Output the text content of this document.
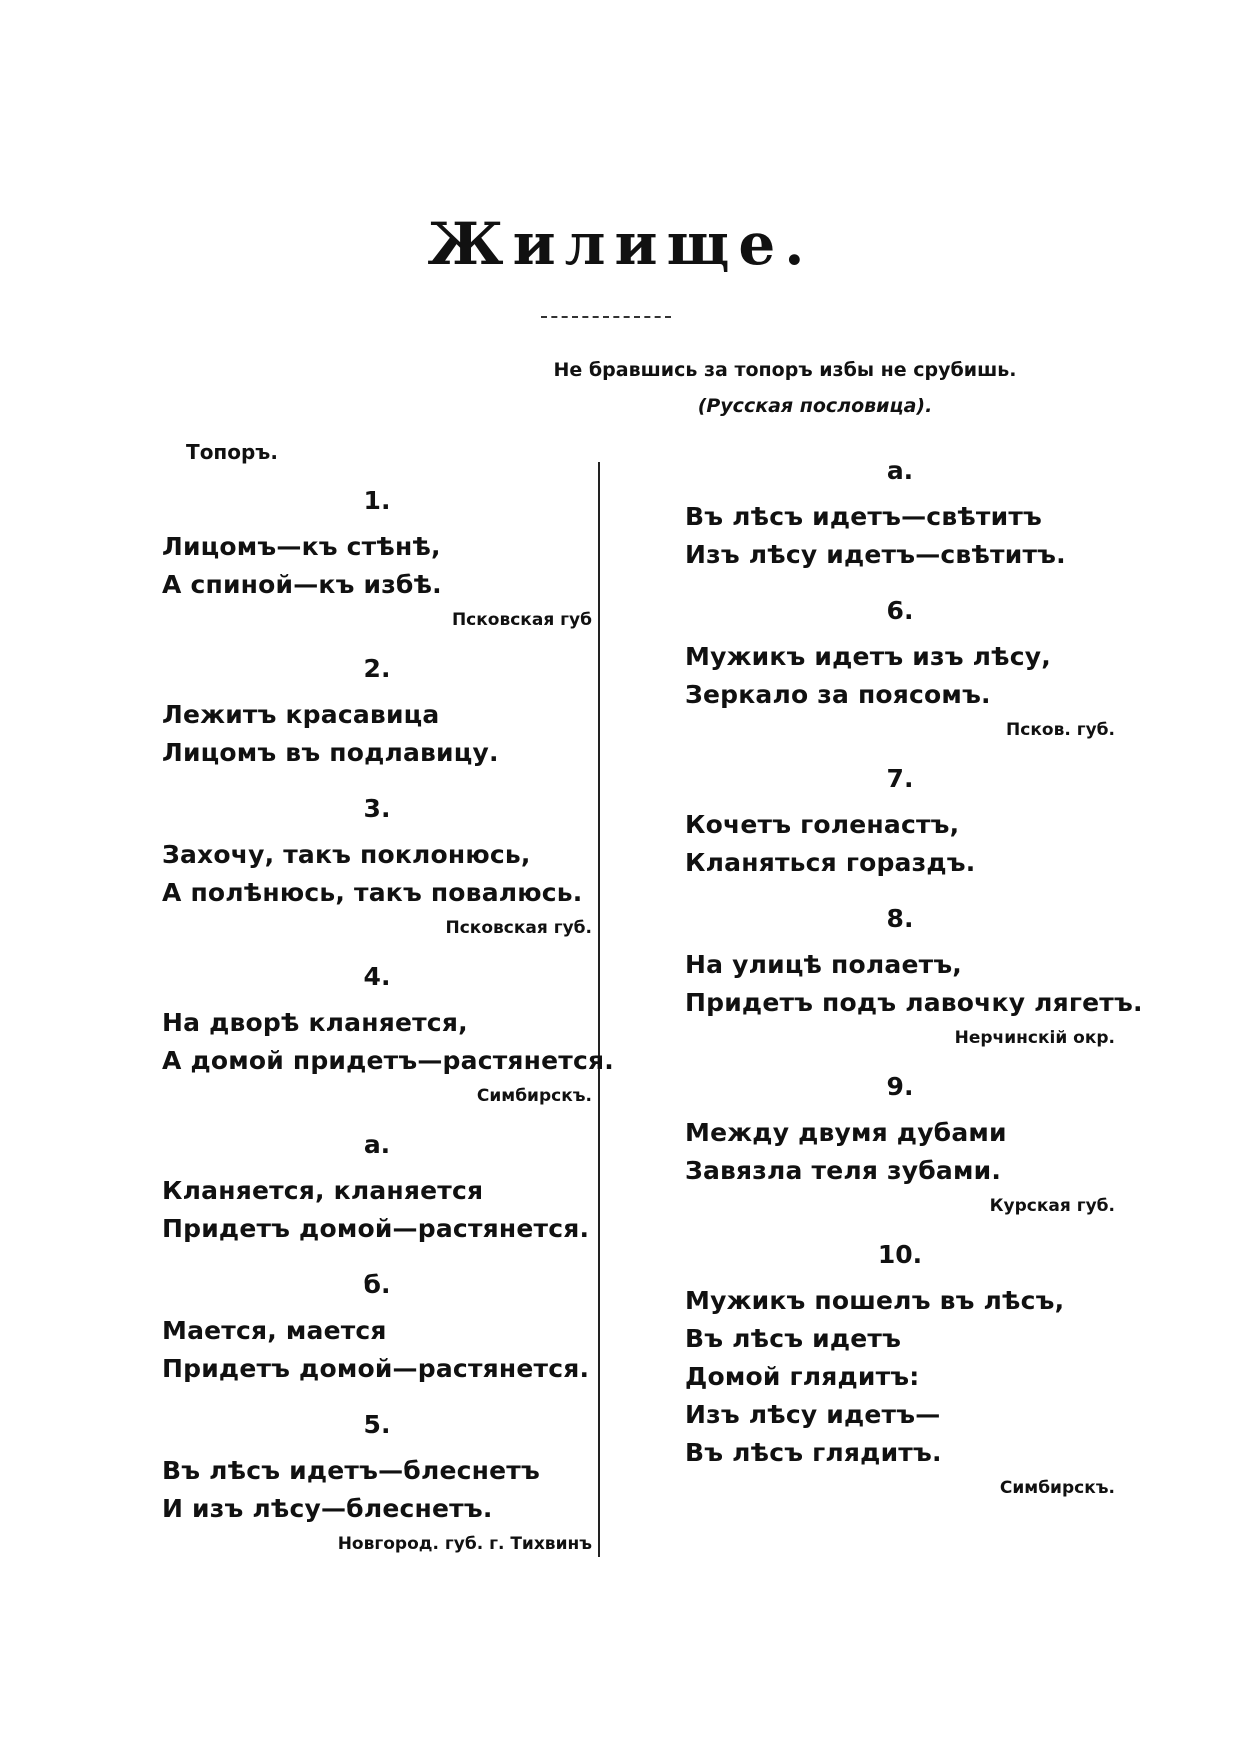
Жилище.
Не бравшись за топоръ избы не срубишь.
(Русская пословица).
Топоръ.
1.
Лицомъ—къ стѣнѣ,
А спиной—къ избѣ.
Псковская губ
2.
Лежитъ красавица
Лицомъ въ подлавицу.
3.
Захочу, такъ поклонюсь,
А полѣнюсь, такъ повалюсь.
Псковская губ.
4.
На дворѣ кланяется,
А домой придетъ—растянется.
Симбирскъ.
а.
Кланяется, кланяется
Придетъ домой—растянется.
б.
Мается, мается
Придетъ домой—растянется.
5.
Въ лѣсъ идетъ—блеснетъ
И изъ лѣсу—блеснетъ.
Новгород. губ. г. Тихвинъ
а.
Въ лѣсъ идетъ—свѣтитъ
Изъ лѣсу идетъ—свѣтитъ.
6.
Мужикъ идетъ изъ лѣсу,
Зеркало за поясомъ.
Псков. губ.
7.
Кочетъ голенастъ,
Кланяться гораздъ.
8.
На улицѣ полаетъ,
Придетъ подъ лавочку лягетъ.
Нерчинскій окр.
9.
Между двумя дубами
Завязла теля зубами.
Курская губ.
10.
Мужикъ пошелъ въ лѣсъ,
Въ лѣсъ идетъ
Домой глядитъ:
Изъ лѣсу идетъ—
Въ лѣсъ глядитъ.
Симбирскъ.
